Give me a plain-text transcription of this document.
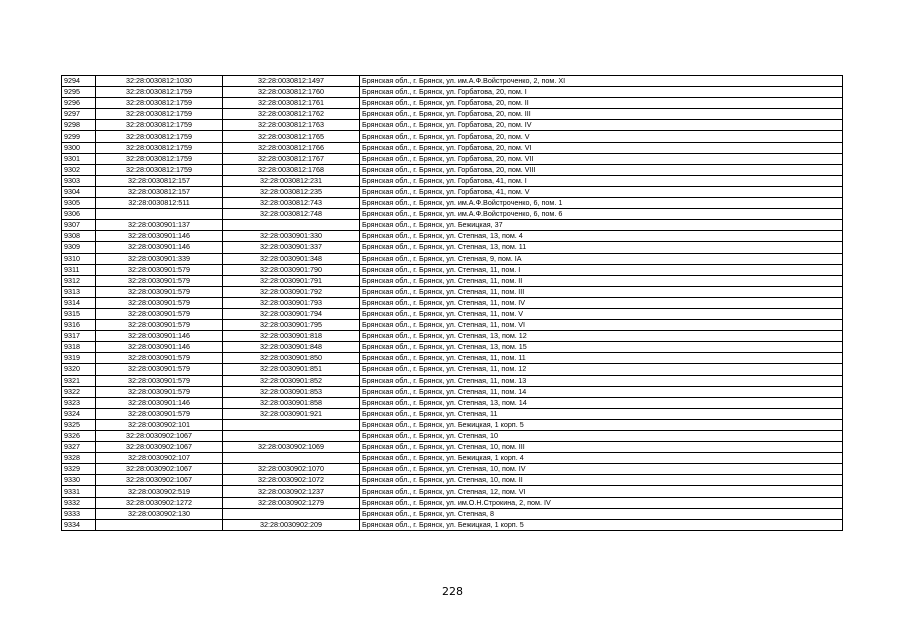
9294	32:28:0030812:1030	32:28:0030812:1497	Брянская обл., г. Брянск, ул. им.А.Ф.Войстроченко, 2, пом. XI
9295	32:28:0030812:1759	32:28:0030812:1760	Брянская обл., г. Брянск, ул. Горбатова, 20, пом. I
9296	32:28:0030812:1759	32:28:0030812:1761	Брянская обл., г. Брянск, ул. Горбатова, 20, пом. II
9297	32:28:0030812:1759	32:28:0030812:1762	Брянская обл., г. Брянск, ул. Горбатова, 20, пом. III
9298	32:28:0030812:1759	32:28:0030812:1763	Брянская обл., г. Брянск, ул. Горбатова, 20, пом. IV
9299	32:28:0030812:1759	32:28:0030812:1765	Брянская обл., г. Брянск, ул. Горбатова, 20, пом. V
9300	32:28:0030812:1759	32:28:0030812:1766	Брянская обл., г. Брянск, ул. Горбатова, 20, пом. VI
9301	32:28:0030812:1759	32:28:0030812:1767	Брянская обл., г. Брянск, ул. Горбатова, 20, пом. VII
9302	32:28:0030812:1759	32:28:0030812:1768	Брянская обл., г. Брянск, ул. Горбатова, 20, пом. VIII
9303	32:28:0030812:157	32:28:0030812:231	Брянская обл., г. Брянск, ул. Горбатова, 41, пом. I
9304	32:28:0030812:157	32:28:0030812:235	Брянская обл., г. Брянск, ул. Горбатова, 41, пом. V
9305	32:28:0030812:511	32:28:0030812:743	Брянская обл., г. Брянск, ул. им.А.Ф.Войстроченко, 6, пом. 1
9306		32:28:0030812:748	Брянская обл., г. Брянск, ул. им.А.Ф.Войстроченко, 6, пом. 6
9307	32:28:0030901:137		Брянская обл., г. Брянск, ул. Бежицкая, 37
9308	32:28:0030901:146	32:28:0030901:330	Брянская обл., г. Брянск, ул. Степная, 13, пом. 4
9309	32:28:0030901:146	32:28:0030901:337	Брянская обл., г. Брянск, ул. Степная, 13, пом. 11
9310	32:28:0030901:339	32:28:0030901:348	Брянская обл., г. Брянск, ул. Степная, 9, пом. IA
9311	32:28:0030901:579	32:28:0030901:790	Брянская обл., г. Брянск, ул. Степная, 11, пом. I
9312	32:28:0030901:579	32:28:0030901:791	Брянская обл., г. Брянск, ул. Степная, 11, пом. II
9313	32:28:0030901:579	32:28:0030901:792	Брянская обл., г. Брянск, ул. Степная, 11, пом. III
9314	32:28:0030901:579	32:28:0030901:793	Брянская обл., г. Брянск, ул. Степная, 11, пом. IV
9315	32:28:0030901:579	32:28:0030901:794	Брянская обл., г. Брянск, ул. Степная, 11, пом. V
9316	32:28:0030901:579	32:28:0030901:795	Брянская обл., г. Брянск, ул. Степная, 11, пом. VI
9317	32:28:0030901:146	32:28:0030901:818	Брянская обл., г. Брянск, ул. Степная, 13, пом. 12
9318	32:28:0030901:146	32:28:0030901:848	Брянская обл., г. Брянск, ул. Степная, 13, пом. 15
9319	32:28:0030901:579	32:28:0030901:850	Брянская обл., г. Брянск, ул. Степная, 11, пом. 11
9320	32:28:0030901:579	32:28:0030901:851	Брянская обл., г. Брянск, ул. Степная, 11, пом. 12
9321	32:28:0030901:579	32:28:0030901:852	Брянская обл., г. Брянск, ул. Степная, 11, пом. 13
9322	32:28:0030901:579	32:28:0030901:853	Брянская обл., г. Брянск, ул. Степная, 11, пом. 14
9323	32:28:0030901:146	32:28:0030901:858	Брянская обл., г. Брянск, ул. Степная, 13, пом. 14
9324	32:28:0030901:579	32:28:0030901:921	Брянская обл., г. Брянск, ул. Степная, 11
9325	32:28:0030902:101		Брянская обл., г. Брянск, ул. Бежицкая, 1 корп. 5
9326	32:28:0030902:1067		Брянская обл., г. Брянск, ул. Степная, 10
9327	32:28:0030902:1067	32:28:0030902:1069	Брянская обл., г. Брянск, ул. Степная, 10, пом. III
9328	32:28:0030902:107		Брянская обл., г. Брянск, ул. Бежицкая, 1 корп. 4
9329	32:28:0030902:1067	32:28:0030902:1070	Брянская обл., г. Брянск, ул. Степная, 10, пом. IV
9330	32:28:0030902:1067	32:28:0030902:1072	Брянская обл., г. Брянск, ул. Степная, 10, пом. II
9331	32:28:0030902:519	32:28:0030902:1237	Брянская обл., г. Брянск, ул. Степная, 12, пом. VI
9332	32:28:0030902:1272	32:28:0030902:1279	Брянская обл., г. Брянск, ул. им.О.Н.Строкина, 2, пом. IV
9333	32:28:0030902:130		Брянская обл., г. Брянск, ул. Степная, 8
9334		32:28:0030902:209	Брянская обл., г. Брянск, ул. Бежицкая, 1 корп. 5
228
